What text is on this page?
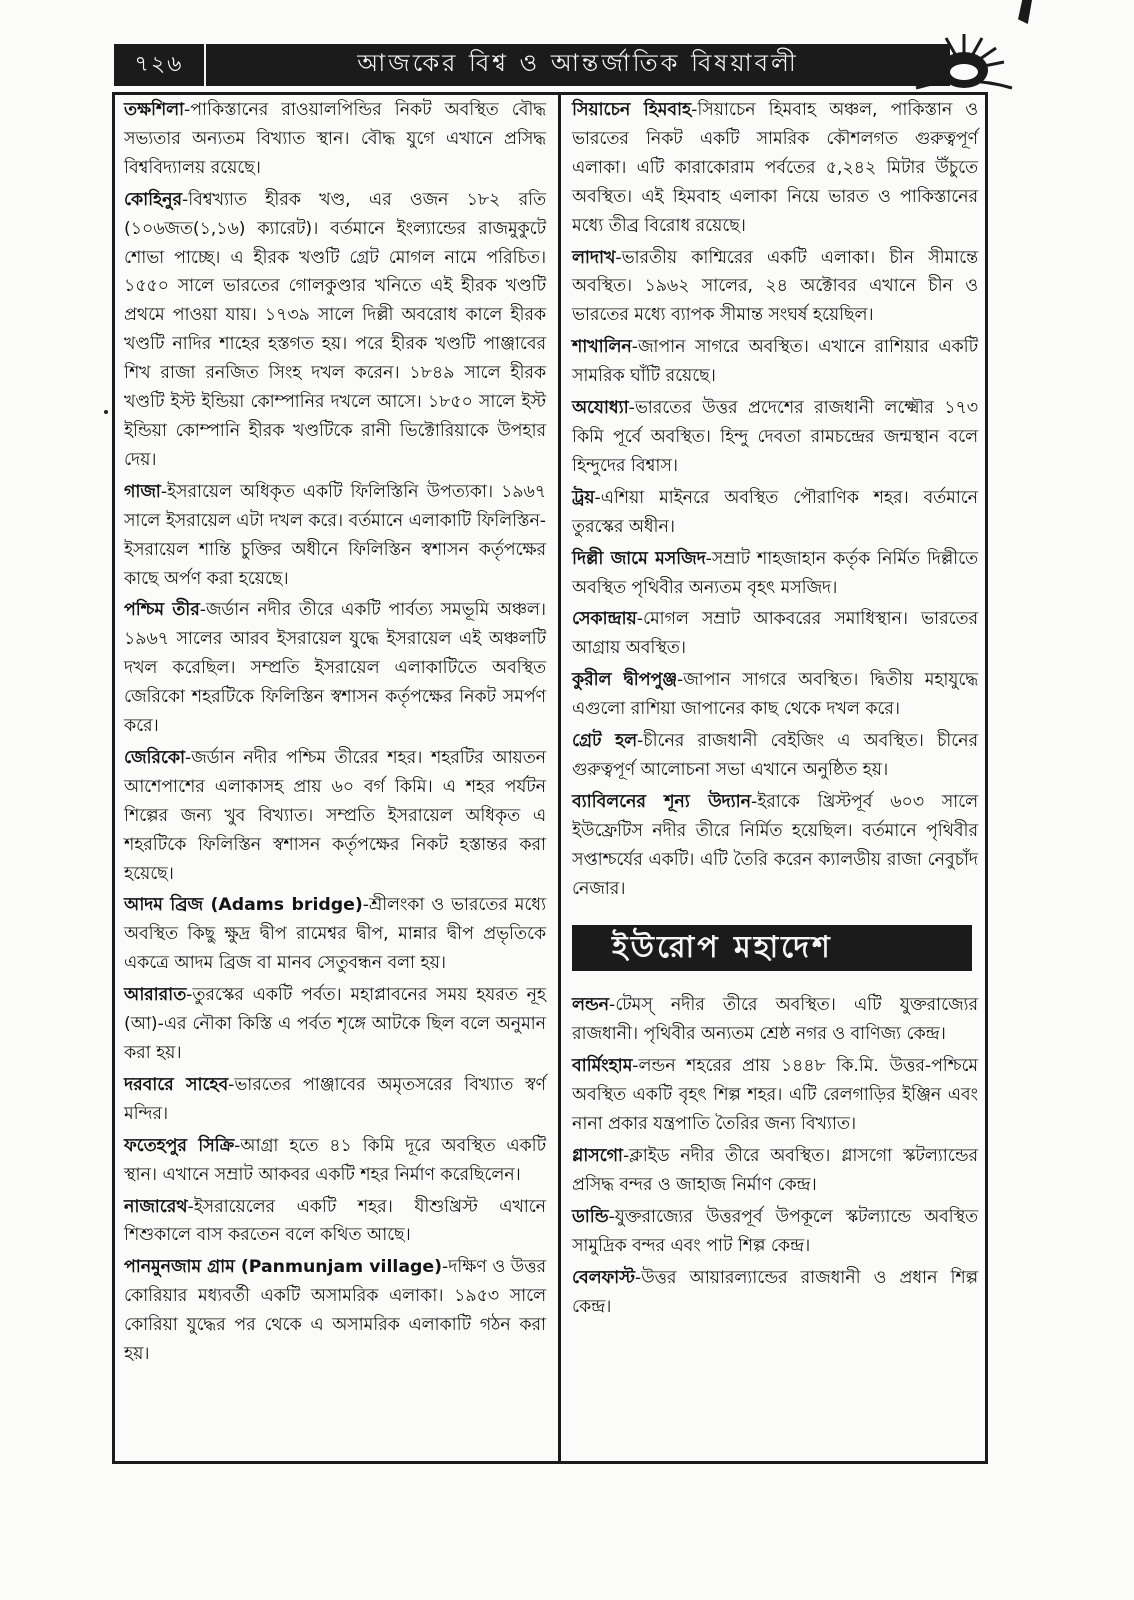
৭২৬	আজকের বিশ্ব ও আন্তর্জাতিক বিষয়াবলী

তক্ষশিলা-পাকিস্তানের রাওয়ালপিন্ডির নিকট অবস্থিত বৌদ্ধ সভ্যতার অন্যতম বিখ্যাত স্থান। বৌদ্ধ যুগে এখানে প্রসিদ্ধ বিশ্ববিদ্যালয় রয়েছে।

কোহিনুর-বিশ্বখ্যাত হীরক খণ্ড, এর ওজন ১৮২ রতি (১০৬জত(১,১৬) ক্যারেট)। বর্তমানে ইংল্যান্ডের রাজমুকুটে শোভা পাচ্ছে। এ হীরক খণ্ডটি গ্রেট মোগল নামে পরিচিত। ১৫৫০ সালে ভারতের গোলকুণ্ডার খনিতে এই হীরক খণ্ডটি প্রথমে পাওয়া যায়। ১৭৩৯ সালে দিল্লী অবরোধ কালে হীরক খণ্ডটি নাদির শাহের হস্তগত হয়। পরে হীরক খণ্ডটি পাঞ্জাবের শিখ রাজা রনজিত সিংহ দখল করেন। ১৮৪৯ সালে হীরক খণ্ডটি ইস্ট ইন্ডিয়া কোম্পানির দখলে আসে। ১৮৫০ সালে ইস্ট ইন্ডিয়া কোম্পানি হীরক খণ্ডটিকে রানী ভিক্টোরিয়াকে উপহার দেয়।

গাজা-ইসরায়েল অধিকৃত একটি ফিলিস্তিনি উপত্যকা। ১৯৬৭ সালে ইসরায়েল এটা দখল করে। বর্তমানে এলাকাটি ফিলিস্তিন-ইসরায়েল শান্তি চুক্তির অধীনে ফিলিস্তিন স্বশাসন কর্তৃপক্ষের কাছে অর্পণ করা হয়েছে।

পশ্চিম তীর-জর্ডান নদীর তীরে একটি পার্বত্য সমভূমি অঞ্চল। ১৯৬৭ সালের আরব ইসরায়েল যুদ্ধে ইসরায়েল এই অঞ্চলটি দখল করেছিল। সম্প্রতি ইসরায়েল এলাকাটিতে অবস্থিত জেরিকো শহরটিকে ফিলিস্তিন স্বশাসন কর্তৃপক্ষের নিকট সমর্পণ করে।

জেরিকো-জর্ডান নদীর পশ্চিম তীরের শহর। শহরটির আয়তন আশেপাশের এলাকাসহ প্রায় ৬০ বর্গ কিমি। এ শহর পর্যটন শিল্পের জন্য খুব বিখ্যাত। সম্প্রতি ইসরায়েল অধিকৃত এ শহরটিকে ফিলিস্তিন স্বশাসন কর্তৃপক্ষের নিকট হস্তান্তর করা হয়েছে।

আদম ব্রিজ (Adams bridge)-শ্রীলংকা ও ভারতের মধ্যে অবস্থিত কিছু ক্ষুদ্র দ্বীপ রামেশ্বর দ্বীপ, মান্নার দ্বীপ প্রভৃতিকে একত্রে আদম ব্রিজ বা মানব সেতুবন্ধন বলা হয়।

আরারাত-তুরস্কের একটি পর্বত। মহাপ্লাবনের সময় হযরত নূহ (আ)-এর নৌকা কিস্তি এ পর্বত শৃঙ্গে আটকে ছিল বলে অনুমান করা হয়।

দরবারে সাহেব-ভারতের পাঞ্জাবের অমৃতসরের বিখ্যাত স্বর্ণ মন্দির।

ফতেহপুর সিক্রি-আগ্রা হতে ৪১ কিমি দূরে অবস্থিত একটি স্থান। এখানে সম্রাট আকবর একটি শহর নির্মাণ করেছিলেন।

নাজারেথ-ইসরায়েলের একটি শহর। যীশুখ্রিস্ট এখানে শিশুকালে বাস করতেন বলে কথিত আছে।

পানমুনজাম গ্রাম (Panmunjam village)-দক্ষিণ ও উত্তর কোরিয়ার মধ্যবর্তী একটি অসামরিক এলাকা। ১৯৫৩ সালে কোরিয়া যুদ্ধের পর থেকে এ অসামরিক এলাকাটি গঠন করা হয়।

সিয়াচেন হিমবাহ-সিয়াচেন হিমবাহ অঞ্চল, পাকিস্তান ও ভারতের নিকট একটি সামরিক কৌশলগত গুরুত্বপূর্ণ এলাকা। এটি কারাকোরাম পর্বতের ৫,২৪২ মিটার উঁচুতে অবস্থিত। এই হিমবাহ এলাকা নিয়ে ভারত ও পাকিস্তানের মধ্যে তীব্র বিরোধ রয়েছে।

লাদাখ-ভারতীয় কাশ্মিরের একটি এলাকা। চীন সীমান্তে অবস্থিত। ১৯৬২ সালের, ২৪ অক্টোবর এখানে চীন ও ভারতের মধ্যে ব্যাপক সীমান্ত সংঘর্ষ হয়েছিল।

শাখালিন-জাপান সাগরে অবস্থিত। এখানে রাশিয়ার একটি সামরিক ঘাঁটি রয়েছে।

অযোধ্যা-ভারতের উত্তর প্রদেশের রাজধানী লক্ষ্মৌর ১৭৩ কিমি পূর্বে অবস্থিত। হিন্দু দেবতা রামচন্দ্রের জন্মস্থান বলে হিন্দুদের বিশ্বাস।

ট্রয়-এশিয়া মাইনরে অবস্থিত পৌরাণিক শহর। বর্তমানে তুরস্কের অধীন।

দিল্লী জামে মসজিদ-সম্রাট শাহজাহান কর্তৃক নির্মিত দিল্লীতে অবস্থিত পৃথিবীর অন্যতম বৃহৎ মসজিদ।

সেকান্দ্রায়-মোগল সম্রাট আকবরের সমাধিস্থান। ভারতের আগ্রায় অবস্থিত।

কুরীল দ্বীপপুঞ্জ-জাপান সাগরে অবস্থিত। দ্বিতীয় মহাযুদ্ধে এগুলো রাশিয়া জাপানের কাছ থেকে দখল করে।

গ্রেট হল-চীনের রাজধানী বেইজিং এ অবস্থিত। চীনের গুরুত্বপূর্ণ আলোচনা সভা এখানে অনুষ্ঠিত হয়।

ব্যাবিলনের শূন্য উদ্যান-ইরাকে খ্রিস্টপূর্ব ৬০৩ সালে ইউফ্রেটিস নদীর তীরে নির্মিত হয়েছিল। বর্তমানে পৃথিবীর সপ্তাশ্চর্যের একটি। এটি তৈরি করেন ক্যালডীয় রাজা নেবুচাঁদ নেজার।

ইউরোপ মহাদেশ

লন্ডন-টেমস্ নদীর তীরে অবস্থিত। এটি যুক্তরাজ্যের রাজধানী। পৃথিবীর অন্যতম শ্রেষ্ঠ নগর ও বাণিজ্য কেন্দ্র।

বার্মিংহাম-লন্ডন শহরের প্রায় ১৪৪৮ কি.মি. উত্তর-পশ্চিমে অবস্থিত একটি বৃহৎ শিল্প শহর। এটি রেলগাড়ির ইঞ্জিন এবং নানা প্রকার যন্ত্রপাতি তৈরির জন্য বিখ্যাত।

গ্লাসগো-ক্লাইড নদীর তীরে অবস্থিত। গ্লাসগো স্কটল্যান্ডের প্রসিদ্ধ বন্দর ও জাহাজ নির্মাণ কেন্দ্র।

ডান্ডি-যুক্তরাজ্যের উত্তরপূর্ব উপকূলে স্কটল্যান্ডে অবস্থিত সামুদ্রিক বন্দর এবং পাট শিল্প কেন্দ্র।

বেলফাস্ট-উত্তর আয়ারল্যান্ডের রাজধানী ও প্রধান শিল্প কেন্দ্র।
